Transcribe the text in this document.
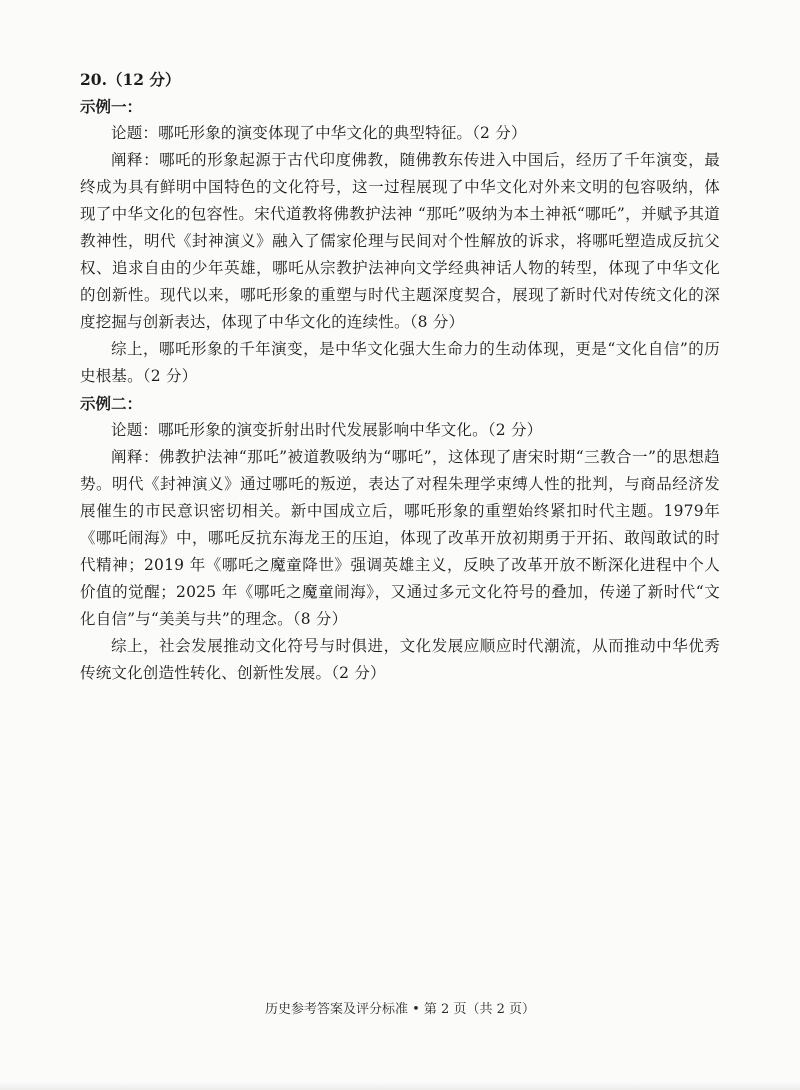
20.（12 分）
示例一：

论题：哪吒形象的演变体现了中华文化的典型特征。（2 分）

阐释：哪吒的形象起源于古代印度佛教，随佛教东传进入中国后，经历了千年演变，最终成为具有鲜明中国特色的文化符号，这一过程展现了中华文化对外来文明的包容吸纳，体现了中华文化的包容性。宋代道教将佛教护法神 “那吒”吸纳为本土神祇“哪吒”，并赋予其道教神性，明代《封神演义》融入了儒家伦理与民间对个性解放的诉求，将哪吒塑造成反抗父权、追求自由的少年英雄，哪吒从宗教护法神向文学经典神话人物的转型，体现了中华文化的创新性。现代以来，哪吒形象的重塑与时代主题深度契合，展现了新时代对传统文化的深度挖掘与创新表达，体现了中华文化的连续性。（8 分）

综上，哪吒形象的千年演变，是中华文化强大生命力的生动体现，更是“文化自信”的历史根基。（2 分）

示例二：

论题：哪吒形象的演变折射出时代发展影响中华文化。（2 分）

阐释：佛教护法神“那吒”被道教吸纳为“哪吒”，这体现了唐宋时期“三教合一”的思想趋势。明代《封神演义》通过哪吒的叛逆，表达了对程朱理学束缚人性的批判，与商品经济发展催生的市民意识密切相关。新中国成立后，哪吒形象的重塑始终紧扣时代主题。1979年《哪吒闹海》中，哪吒反抗东海龙王的压迫，体现了改革开放初期勇于开拓、敢闯敢试的时代精神；2019 年《哪吒之魔童降世》强调英雄主义，反映了改革开放不断深化进程中个人价值的觉醒；2025 年《哪吒之魔童闹海》，又通过多元文化符号的叠加，传递了新时代“文化自信”与“美美与共”的理念。（8 分）

综上，社会发展推动文化符号与时俱进，文化发展应顺应时代潮流，从而推动中华优秀传统文化创造性转化、创新性发展。（2 分）

历史参考答案及评分标准 • 第 2 页（共 2 页）
